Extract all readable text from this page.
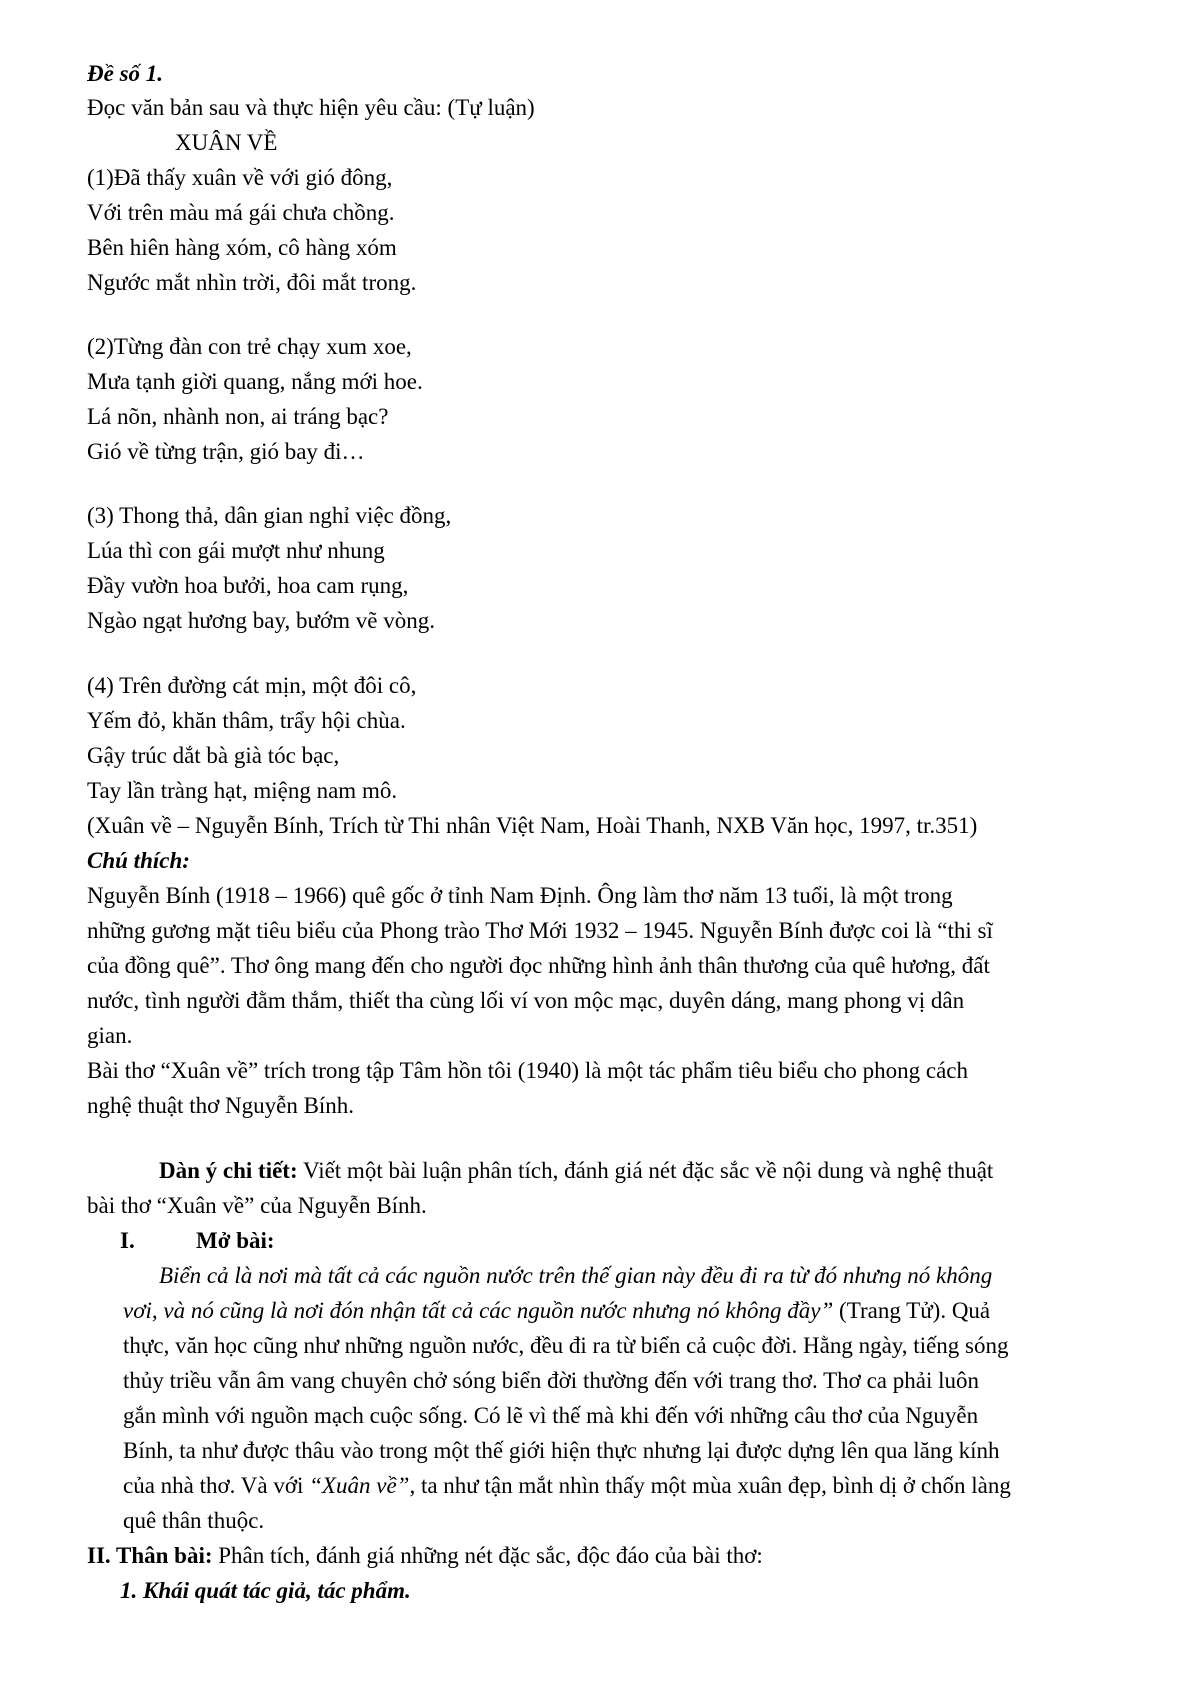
Đề số 1.
Đọc văn bản sau và thực hiện yêu cầu: (Tự luận)
XUÂN VỀ
(1)Đã thấy xuân về với gió đông,
Với trên màu má gái chưa chồng.
Bên hiên hàng xóm, cô hàng xóm
Ngước mắt nhìn trời, đôi mắt trong.
(2)Từng đàn con trẻ chạy xum xoe,
Mưa tạnh giời quang, nắng mới hoe.
Lá nõn, nhành non, ai tráng bạc?
Gió về từng trận, gió bay đi…
(3) Thong thả, dân gian nghỉ việc đồng,
Lúa thì con gái mượt như nhung
Đầy vườn hoa bưởi, hoa cam rụng,
Ngào ngạt hương bay, bướm vẽ vòng.
(4) Trên đường cát mịn, một đôi cô,
Yếm đỏ, khăn thâm, trẩy hội chùa.
Gậy trúc dắt bà già tóc bạc,
Tay lần tràng hạt, miệng nam mô.
(Xuân về – Nguyễn Bính, Trích từ Thi nhân Việt Nam, Hoài Thanh, NXB Văn học, 1997, tr.351)
Chú thích:
Nguyễn Bính (1918 – 1966) quê gốc ở tỉnh Nam Định. Ông làm thơ năm 13 tuổi, là một trong
những gương mặt tiêu biểu của Phong trào Thơ Mới 1932 – 1945. Nguyễn Bính được coi là “thi sĩ
của đồng quê”. Thơ ông mang đến cho người đọc những hình ảnh thân thương của quê hương, đất
nước, tình người đằm thắm, thiết tha cùng lối ví von mộc mạc, duyên dáng, mang phong vị dân
gian.
Bài thơ “Xuân về” trích trong tập Tâm hồn tôi (1940) là một tác phẩm tiêu biểu cho phong cách
nghệ thuật thơ Nguyễn Bính.
Dàn ý chi tiết: Viết một bài luận phân tích, đánh giá nét đặc sắc về nội dung và nghệ thuật
bài thơ “Xuân về” của Nguyễn Bính.
I.	Mở bài:
Biển cả là nơi mà tất cả các nguồn nước trên thế gian này đều đi ra từ đó nhưng nó không
vơi, và nó cũng là nơi đón nhận tất cả các nguồn nước nhưng nó không đầy” (Trang Tử). Quả
thực, văn học cũng như những nguồn nước, đều đi ra từ biển cả cuộc đời. Hằng ngày, tiếng sóng
thủy triều vẫn âm vang chuyên chở sóng biển đời thường đến với trang thơ. Thơ ca phải luôn
gắn mình với nguồn mạch cuộc sống. Có lẽ vì thế mà khi đến với những câu thơ của Nguyễn
Bính, ta như được thâu vào trong một thế giới hiện thực nhưng lại được dựng lên qua lăng kính
của nhà thơ. Và với “Xuân về”, ta như tận mắt nhìn thấy một mùa xuân đẹp, bình dị ở chốn làng
quê thân thuộc.
II. Thân bài: Phân tích, đánh giá những nét đặc sắc, độc đáo của bài thơ:
1. Khái quát tác giả, tác phẩm.
